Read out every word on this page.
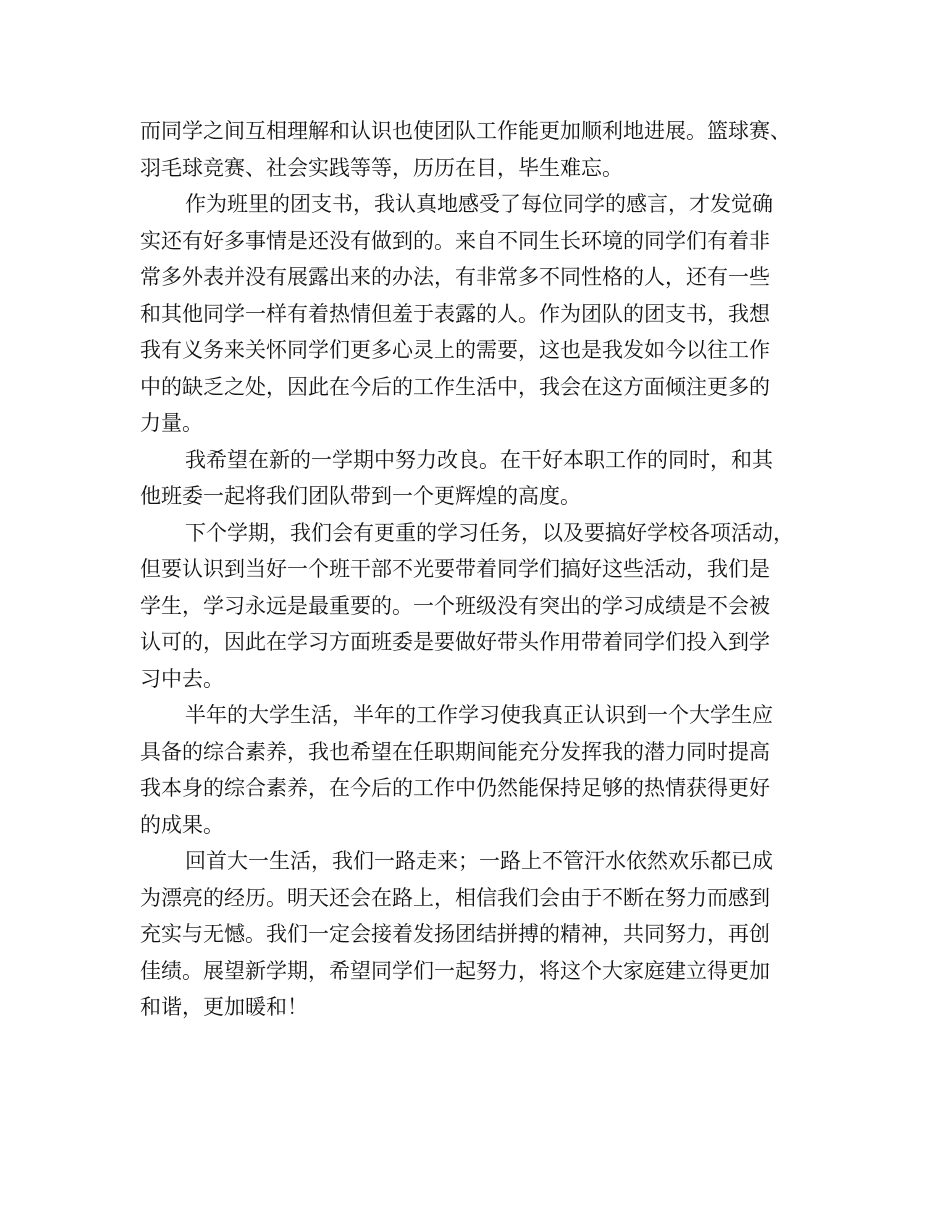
而同学之间互相理解和认识也使团队工作能更加顺利地进展。篮球赛、
羽毛球竞赛、社会实践等等，历历在目，毕生难忘。
作为班里的团支书，我认真地感受了每位同学的感言，才发觉确
实还有好多事情是还没有做到的。来自不同生长环境的同学们有着非
常多外表并没有展露出来的办法，有非常多不同性格的人，还有一些
和其他同学一样有着热情但羞于表露的人。作为团队的团支书，我想
我有义务来关怀同学们更多心灵上的需要，这也是我发如今以往工作
中的缺乏之处，因此在今后的工作生活中，我会在这方面倾注更多的
力量。
我希望在新的一学期中努力改良。在干好本职工作的同时，和其
他班委一起将我们团队带到一个更辉煌的高度。
下个学期，我们会有更重的学习任务，以及要搞好学校各项活动，
但要认识到当好一个班干部不光要带着同学们搞好这些活动，我们是
学生，学习永远是最重要的。一个班级没有突出的学习成绩是不会被
认可的，因此在学习方面班委是要做好带头作用带着同学们投入到学
习中去。
半年的大学生活，半年的工作学习使我真正认识到一个大学生应
具备的综合素养，我也希望在任职期间能充分发挥我的潜力同时提高
我本身的综合素养，在今后的工作中仍然能保持足够的热情获得更好
的成果。
回首大一生活，我们一路走来；一路上不管汗水依然欢乐都已成
为漂亮的经历。明天还会在路上，相信我们会由于不断在努力而感到
充实与无憾。我们一定会接着发扬团结拼搏的精神，共同努力，再创
佳绩。展望新学期，希望同学们一起努力，将这个大家庭建立得更加
和谐，更加暖和！
